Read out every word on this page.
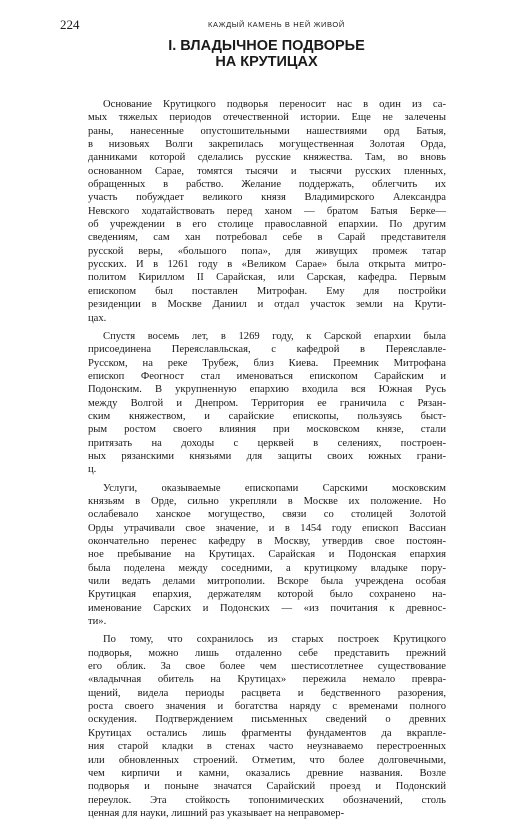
224	КАЖДЫЙ КАМЕНЬ В НЕЙ ЖИВОЙ
I. ВЛАДЫЧНОЕ ПОДВОРЬЕ
НА КРУТИЦАХ
Основание Крутицкого подворья переносит нас в один из са-
мых тяжелых периодов отечественной истории. Еще не залечены
раны, нанесенные опустошительными нашествиями орд Батыя,
в низовьях Волги закрепилась могущественная Золотая Орда,
данниками которой сделались русские княжества. Там, во вновь
основанном Сарае, томятся тысячи и тысячи русских пленных,
обращенных в рабство. Желание поддержать, облегчить их
участь побуждает великого князя Владимирского Александра
Невского ходатайствовать перед ханом — братом Батыя Берке—
об учреждении в его столице православной епархии. По другим
сведениям, сам хан потребовал себе в Сарай представителя
русской веры, «большого попа», для живущих промеж татар
русских. И в 1261 году в «Великом Сарае» была открыта митро-
политом Кириллом II Сарайская, или Сарская, кафедра. Первым
епископом был поставлен Митрофан. Ему для постройки
резиденции в Москве Даниил и отдал участок земли на Крути-
цах.
Спустя восемь лет, в 1269 году, к Сарской епархии была
присоединена Переяславльская, с кафедрой в Переяславле-
Русском, на реке Трубеж, близ Киева. Преемник Митрофана
епископ Феогност стал именоваться епископом Сарайским и
Подонским. В укрупненную епархию входила вся Южная Русь
между Волгой и Днепром. Территория ее граничила с Рязан-
ским княжеством, и сарайские епископы, пользуясь быст-
рым ростом своего влияния при московском князе, стали
притязать на доходы с церквей в селениях, построен-
ных рязанскими князьями для защиты своих южных грани-
ц.
Услуги, оказываемые епископами Сарскими московским
князьям в Орде, сильно укрепляли в Москве их положение. Но
ослабевало ханское могущество, связи со столицей Золотой
Орды утрачивали свое значение, и в 1454 году епископ Вассиан
окончательно перенес кафедру в Москву, утвердив свое постоян-
ное пребывание на Крутицах. Сарайская и Подонская епархия
была поделена между соседними, а крутицкому владыке пору-
чили ведать делами митрополии. Вскоре была учреждена особая
Крутицкая епархия, держателям которой было сохранено на-
именование Сарских и Подонских — «из почитания к древнос-
ти».
По тому, что сохранилось из старых построек Крутицкого
подворья, можно лишь отдаленно себе представить прежний
его облик. За свое более чем шестисотлетнее существование
«владычная обитель на Крутицах» пережила немало превра-
щений, видела периоды расцвета и бедственного разорения,
роста своего значения и богатства наряду с временами полного
оскудения. Подтверждением письменных сведений о древних
Крутицах остались лишь фрагменты фундаментов да вкрапле-
ния старой кладки в стенах часто неузнаваемо перестроенных
или обновленных строений. Отметим, что более долговечными,
чем кирпичи и камни, оказались древние названия. Возле
подворья и поныне значатся Сарайский проезд и Подонский
переулок. Эта стойкость топонимических обозначений, столь
ценная для науки, лишний раз указывает на неправомер-
